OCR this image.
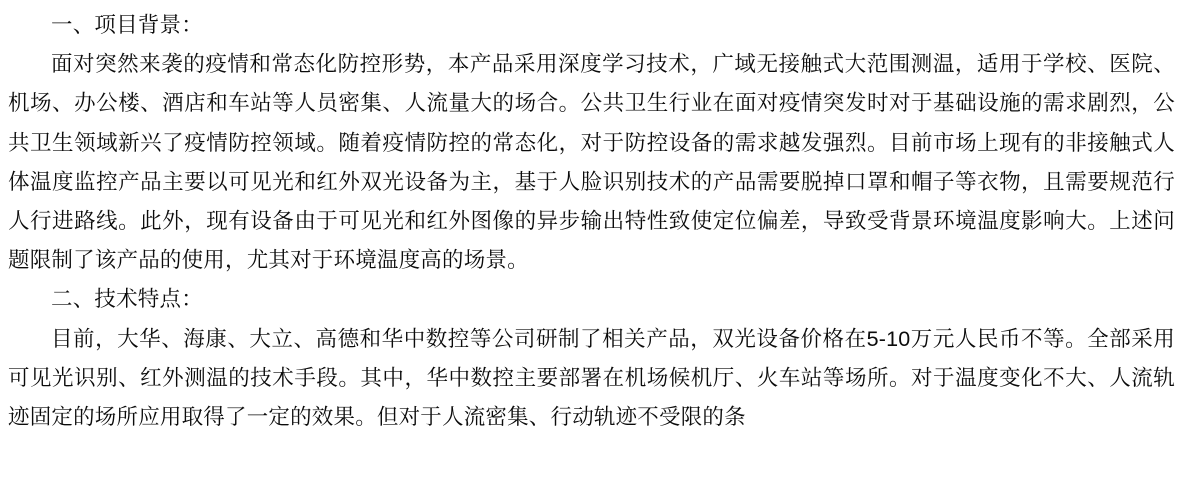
一、项目背景：

面对突然来袭的疫情和常态化防控形势，本产品采用深度学习技术，广域无接触式大范围测温，适用于学校、医院、机场、办公楼、酒店和车站等人员密集、人流量大的场合。公共卫生行业在面对疫情突发时对于基础设施的需求剧烈，公共卫生领域新兴了疫情防控领域。随着疫情防控的常态化，对于防控设备的需求越发强烈。目前市场上现有的非接触式人体温度监控产品主要以可见光和红外双光设备为主，基于人脸识别技术的产品需要脱掉口罩和帽子等衣物，且需要规范行人行进路线。此外，现有设备由于可见光和红外图像的异步输出特性致使定位偏差，导致受背景环境温度影响大。上述问题限制了该产品的使用，尤其对于环境温度高的场景。

二、技术特点：

目前，大华、海康、大立、高德和华中数控等公司研制了相关产品，双光设备价格在5-10万元人民币不等。全部采用可见光识别、红外测温的技术手段。其中，华中数控主要部署在机场候机厅、火车站等场所。对于温度变化不大、人流轨迹固定的场所应用取得了一定的效果。但对于人流密集、行动轨迹不受限的条
